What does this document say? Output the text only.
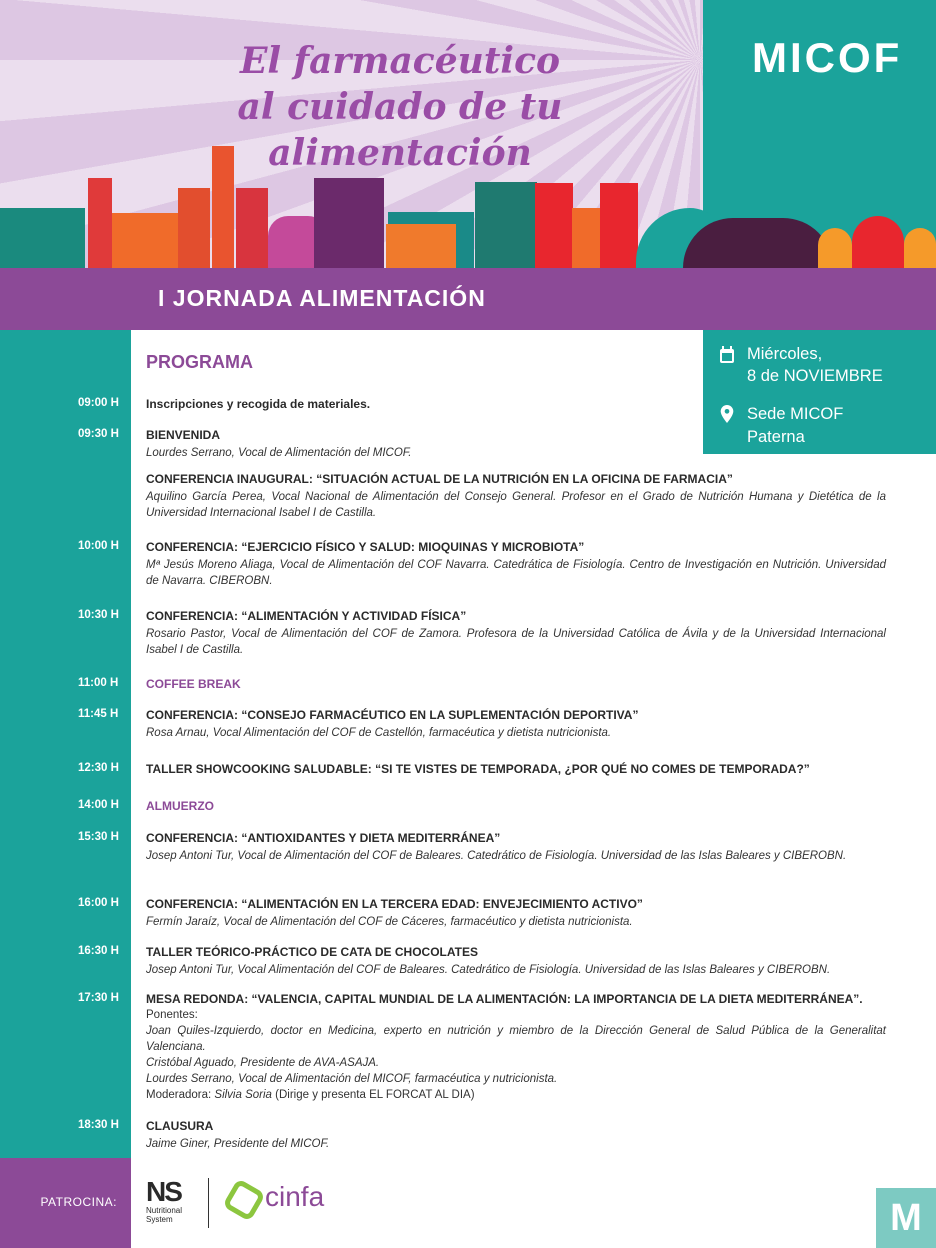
El farmacéutico
al cuidado de tu alimentación
MICOF
I JORNADA ALIMENTACIÓN
PROGRAMA	Miércoles,
8 de NOVIEMBRE
Sede MICOF
Paterna
09:00 H Inscripciones y recogida de materiales.
09:30 H BIENVENIDA
Lourdes Serrano, Vocal de Alimentación del MICOF.
CONFERENCIA INAUGURAL: “SITUACIÓN ACTUAL DE LA NUTRICIÓN EN LA OFICINA DE FARMACIA”
Aquilino García Perea, Vocal Nacional de Alimentación del Consejo General. Profesor en el Grado de Nutrición Humana y Dietética de la Universidad Internacional Isabel I de Castilla.
10:00 H CONFERENCIA: “EJERCICIO FÍSICO Y SALUD: MIOQUINAS Y MICROBIOTA”
Mª Jesús Moreno Aliaga, Vocal de Alimentación del COF Navarra. Catedrática de Fisiología. Centro de Investigación en Nutrición. Universidad de Navarra. CIBEROBN.
10:30 H CONFERENCIA: “ALIMENTACIÓN Y ACTIVIDAD FÍSICA”
Rosario Pastor, Vocal de Alimentación del COF de Zamora. Profesora de la Universidad Católica de Ávila y de la Universidad Internacional Isabel I de Castilla.
11:00 H COFFEE BREAK
11:45 H CONFERENCIA: “CONSEJO FARMACÉUTICO EN LA SUPLEMENTACIÓN DEPORTIVA”
Rosa Arnau, Vocal Alimentación del COF de Castellón, farmacéutica y dietista nutricionista.
12:30 H TALLER SHOWCOOKING SALUDABLE: “SI TE VISTES DE TEMPORADA, ¿POR QUÉ NO COMES DE TEMPORADA?”
14:00 H ALMUERZO
15:30 H CONFERENCIA: “ANTIOXIDANTES Y DIETA MEDITERRÁNEA”
Josep Antoni Tur, Vocal de Alimentación del COF de Baleares. Catedrático de Fisiología. Universidad de las Islas Baleares y CIBEROBN.
16:00 H CONFERENCIA: “ALIMENTACIÓN EN LA TERCERA EDAD: ENVEJECIMIENTO ACTIVO”
Fermín Jaraíz, Vocal de Alimentación del COF de Cáceres, farmacéutico y dietista nutricionista.
16:30 H TALLER TEÓRICO-PRÁCTICO DE CATA DE CHOCOLATES
Josep Antoni Tur, Vocal Alimentación del COF de Baleares. Catedrático de Fisiología. Universidad de las Islas Baleares y CIBEROBN.
17:30 H MESA REDONDA: “VALENCIA, CAPITAL MUNDIAL DE LA ALIMENTACIÓN: LA IMPORTANCIA DE LA DIETA MEDITERRÁNEA”.
Ponentes:
Joan Quiles-Izquierdo, doctor en Medicina, experto en nutrición y miembro de la Dirección General de Salud Pública de la Generalitat Valenciana.
Cristóbal Aguado, Presidente de AVA-ASAJA.
Lourdes Serrano, Vocal de Alimentación del MICOF, farmacéutica y nutricionista.
Moderadora: Silvia Soria (Dirige y presenta EL FORCAT AL DIA)
18:30 H CLAUSURA
Jaime Giner, Presidente del MICOF.
PATROCINA: NS
Nutritional
System
cinfa
M
